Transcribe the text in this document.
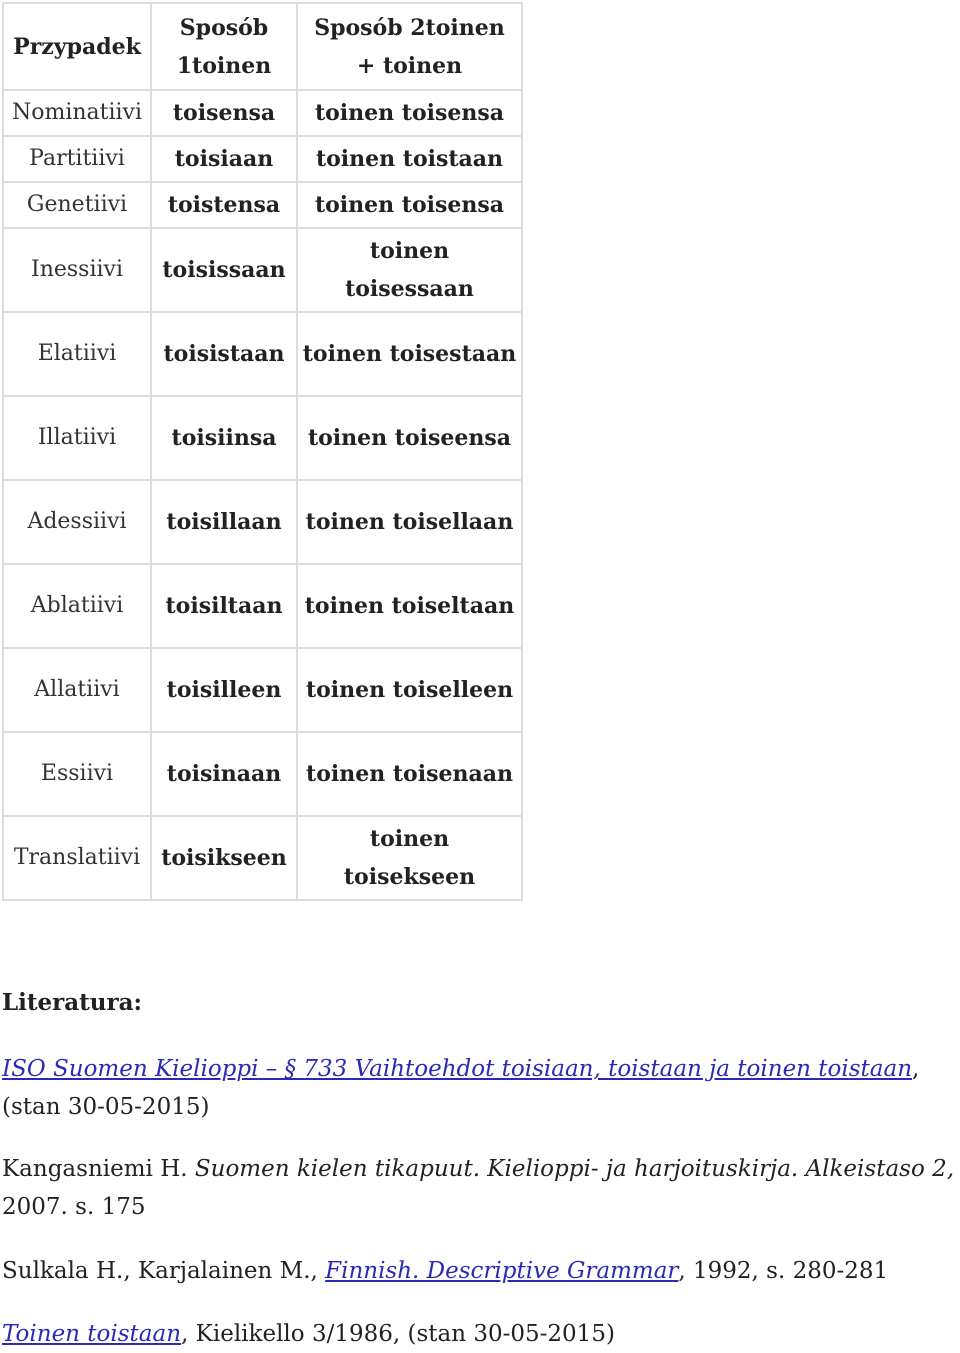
Przypadek	Sposób 1toinen	Sposób 2toinen + toinen
Nominatiivi	toisensa	toinen toisensa
Partitiivi	toisiaan	toinen toistaan
Genetiivi	toistensa	toinen toisensa
Inessiivi	toisissaan	toinen toisessaan
Elatiivi	toisistaan	toinen toisestaan
Illatiivi	toisiinsa	toinen toiseensa
Adessiivi	toisillaan	toinen toisellaan
Ablatiivi	toisiltaan	toinen toiseltaan
Allatiivi	toisilleen	toinen toiselleen
Essiivi	toisinaan	toinen toisenaan
Translatiivi	toisikseen	toinen toisekseen
Literatura:
ISO Suomen Kielioppi – § 733 Vaihtoehdot toisiaan, toistaan ja toinen toistaan, (stan 30-05-2015)
Kangasniemi H. Suomen kielen tikapuut. Kielioppi- ja harjoituskirja. Alkeistaso 2, 2007. s. 175
Sulkala H., Karjalainen M., Finnish. Descriptive Grammar, 1992, s. 280-281
Toinen toistaan, Kielikello 3/1986, (stan 30-05-2015)
